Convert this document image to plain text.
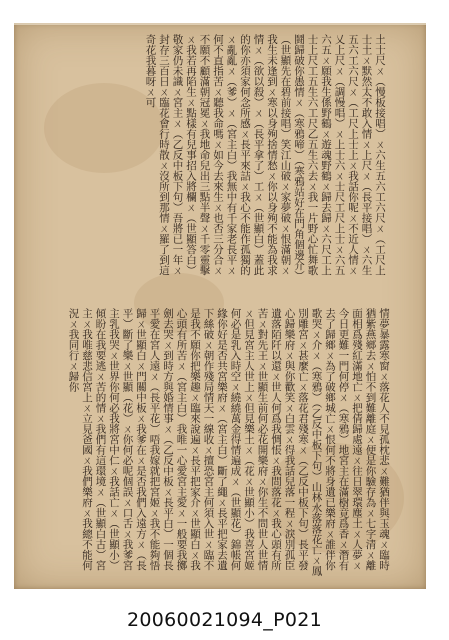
土士尺ㄨ（慢板接唱）ㄨ六生五六工六尺ㄨ（工尺上士土ㄨ默然太不敢入情ㄨ上尺ㄨ（長平接唱）ㄨ六生五六工六尺ㄨ（工尺上士上ㄨ我話你呢ㄨ不近人情ㄨ乂上尺ㄨ（調慢唱）ㄨ上士六ㄨ士尺工尺上士ㄨ六五六五ㄨ願我生係野鶴ㄨ遊魂野鶴ㄨ歸去歸ㄨ六尺工上士上尺工五生六工尺乙五生六去ㄨ我一片野心忙舞歌鬪歸破你愚情ㄨ（寒鴉啼）（寒鴉站好在門角個邊介）（世顯先在碧前接唱）笑江山破ㄨ家夢破ㄨ恨滿朝ㄨ我生未逢到ㄨ寒以身殉捨情愁ㄨ你以身殉不能為我求情ㄨ（欲以殺）ㄨ（長平拿了）工ㄨ（世顯白）蓋此的你亦須家何念所感ㄨ長平來詰ㄨ我心不能作孤獨的ㄨ亂亂ㄨ（爹）ㄨ（宮主白）我無中有千家老長平ㄨ何不直指苦ㄨ聽我命嗎ㄨ如今去來生ㄨ也否三分合ㄨ不願不顧滿朝冠冕ㄨ我地命兒出三點半聲ㄨ千零靈擊ㄨ我若再陷生ㄨ點樣有兒事招入將欄ㄨ（世顯答白）敬家仍未識ㄨ宮主ㄨ（乙反中板下句）吾將已一年ㄨ封存三百日ㄨ臨花會行時散ㄨ沒所到那情ㄨ羅了到這奇花我暮呀ㄨ可
情夢暴露寒窗ㄨ落花人不見孤枕悲ㄨ難猶伴與玉魂ㄨ臨時猶紫燕鄉去ㄨ怕不到難離庭ㄨ便是你驗存為ㄨ七字清ㄨ離面相爲殘紅滿地亡ㄨ把倩歸處遠ㄨ往日翠環塵土ㄨ人夢ㄨ今日更難一門何停ㄨ（寒鴉）地宮主在滿樹竟爲香ㄨ潛有去了歸鄉ㄨ為了破鄉城亡ㄨ恨何不將身遺已樂府ㄨ誰伴你歌哭ㄨ介ㄨ（寒鴉）（乙反中板下句）山林水落落花亡ㄨ鳳別雕宮ㄨ甚麼亡ㄨ落花君殘寒ㄨ（乙反中板下句）長平發心歸樂府ㄨ與你歡笑ㄨ白雲ㄨ得我話兒落一程ㄨ淚別孤臣遺落陌阡以還ㄨ世人何爲我惆悵ㄨ我問落花ㄨ我心頭有所苦ㄨ對先王ㄨ世顯生前何必花開樂府ㄨ你生不問世人世情ㄨ但見宮主人世上ㄨ但見樂土ㄨ（花ㄨ世顯小）我喜宮姬何必是乳入時空ㄨ繞繞萬金得情遍成ㄨ（世顯花）錦帳何緣你好是否共宮樂府ㄨ（宮主白）斷了繩ㄨ長平把家去遺下絲破ㄨ朝作殘局情天一線收ㄨ擅恐宮主何須入世ㄨ臨不是我不願你把樂趣ㄨ臨來說遍ㄨ長平把家介ㄨ世顯白ㄨ我心頭有所苦ㄨ（宮主白）我唯一心愛宮主愛ㄨ一般要我擲劍去哭ㄨ到時方與婚情事ㄨ（乙反中板ㄨ長平白）一個長平愛在宮人遠ㄨ（長平花）唔我嫁就把宮姬ㄨ我不能夠悟歸ㄨ世顯白ㄨ門關中板ㄨ我爹在ㄨ是否我們入遠方ㄨ（長平）斷了樂ㄨ世顯（花）ㄨ你何必呢個誤ㄨ口舌ㄨ我爹宮主乳我哭ㄨ世界你何必我將宮中仁ㄨ我話亡ㄨ（世顯小）傾盼在我要逃ㄨ苦的情ㄨ我們有這環境ㄨ（世顯白古）宮主ㄨ我唯慈悲信宮上ㄨ立見爸國ㄨ我們樂府ㄨ我總不能何況ㄨ我同行ㄨ歸你
20060021094_P021
